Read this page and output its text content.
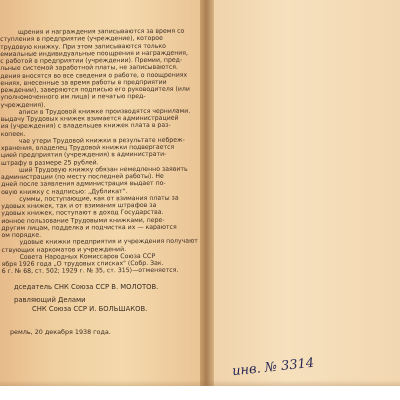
щрения и награждения записываются за время со
ступления в предприятие (учреждение), которое
трудовую книжку. При этом записываются только
емиальные индивидуальные поощрения и награждения,
с работой в предприятии (учреждении). Премии, пред-
льные системой заработной платы, не записываются.
дения вносятся во все сведения о работе, о поощрениях
ениях, внесенные за время работы в предприятии
реждении), заверяются подписью его руководителя (или
уполномоченного им лица) и печатью пред-
учреждения).
аписи в Трудовой книжке производятся чернилами.
выдачу Трудовых книжек взимается администрацией
ия (учреждения) с владельцев книжек плата в раз-
копеек.
чае утери Трудовой книжки в результате небреж-
хранения, владелец Трудовой книжки подвергается
цией предприятия (учреждения) в администрати-
штрафу в размере 25 рублей.
ший Трудовую книжку обязан немедленно заявить
администрации (по месту последней работы). Не
дней после заявления администрация выдает по-
овую книжку с надписью: „Дубликат".
суммы, поступающие, как от взимания платы за
удовых книжек, так и от взимания штрафов за
удовых книжек, поступают в доход Государства.
ионное пользование Трудовыми книжками, пере-
другим лицам, подделка и подчистка их — караются
ом порядке.
удовые книжки предприятия и учреждения получают
ствующих наркоматов и учреждений.
Совета Народных Комиссаров Союза ССР
ября 1926 года „О трудовых списках" (Собр. Зак.
6 г. № 68, ст. 502; 1929 г. № 35, ст. 315)—отменяется.
дседатель СНК Союза ССР В. МОЛОТОВ.
равляющий Делами
СНК Союза ССР И. БОЛЬШАКОВ.
ремль, 20 декабря 1938 года.
инв. № 3314
